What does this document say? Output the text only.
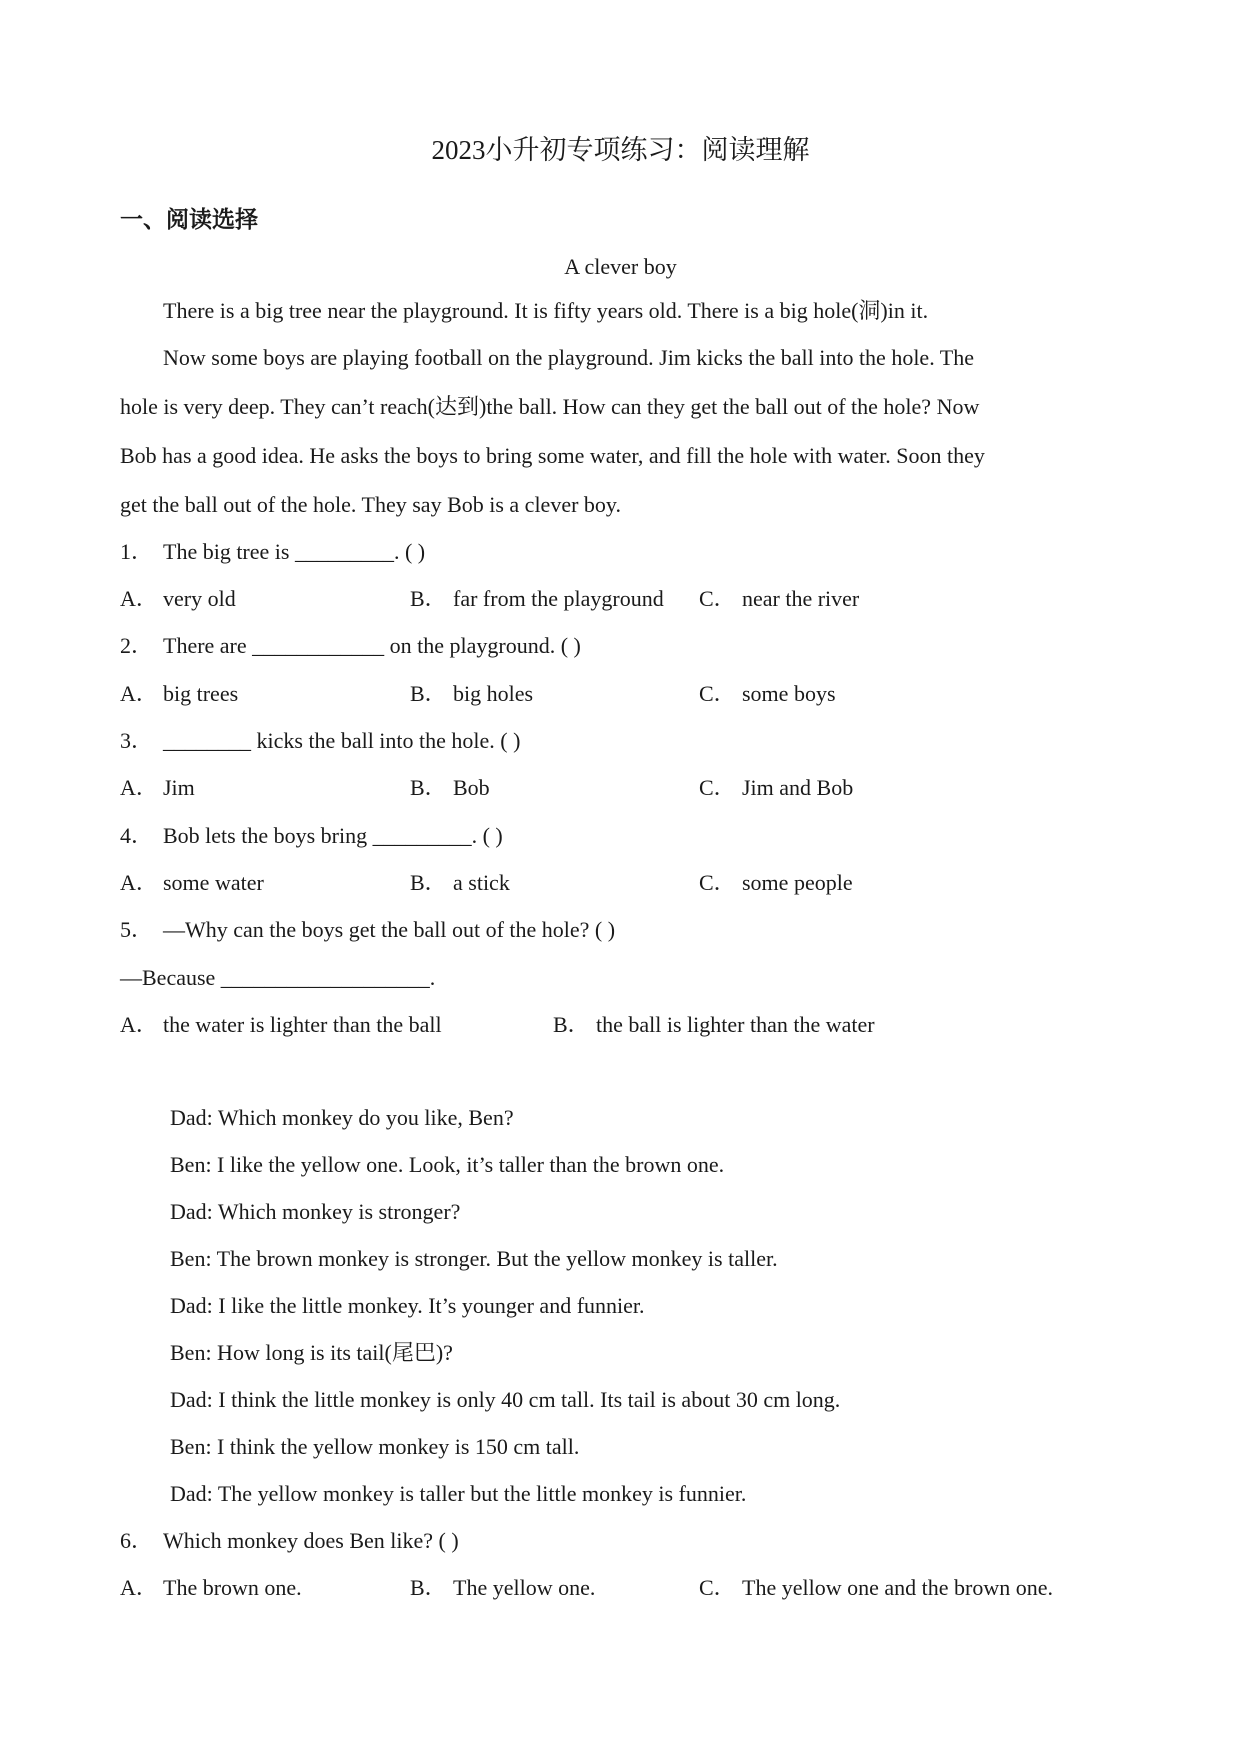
2023小升初专项练习：阅读理解
一、阅读选择
A clever boy
There is a big tree near the playground. It is fifty years old. There is a big hole(洞)in it.
Now some boys are playing football on the playground. Jim kicks the ball into the hole. The
hole is very deep. They can’t reach(达到)the ball. How can they get the ball out of the hole? Now
Bob has a good idea. He asks the boys to bring some water, and fill the hole with water. Soon they
get the ball out of the hole. They say Bob is a clever boy.
1． The big tree is _________. ( )
A． very old	B． far from the playground C． near the river
2． There are ____________ on the playground. ( )
A． big trees	B． big holes	C． some boys
3． ________ kicks the ball into the hole. ( )
A． Jim	B． Bob	C． Jim and Bob
4． Bob lets the boys bring _________. ( )
A． some water	B． a stick	C． some people
5． —Why can the boys get the ball out of the hole? ( )
—Because ___________________.
A． the water is lighter than the ball	B． the ball is lighter than the water
Dad: Which monkey do you like, Ben?
Ben: I like the yellow one. Look, it’s taller than the brown one.
Dad: Which monkey is stronger?
Ben: The brown monkey is stronger. But the yellow monkey is taller.
Dad: I like the little monkey. It’s younger and funnier.
Ben: How long is its tail(尾巴)?
Dad: I think the little monkey is only 40 cm tall. Its tail is about 30 cm long.
Ben: I think the yellow monkey is 150 cm tall.
Dad: The yellow monkey is taller but the little monkey is funnier.
6． Which monkey does Ben like? ( )
A． The brown one.	B． The yellow one.	C． The yellow one and the brown one.
